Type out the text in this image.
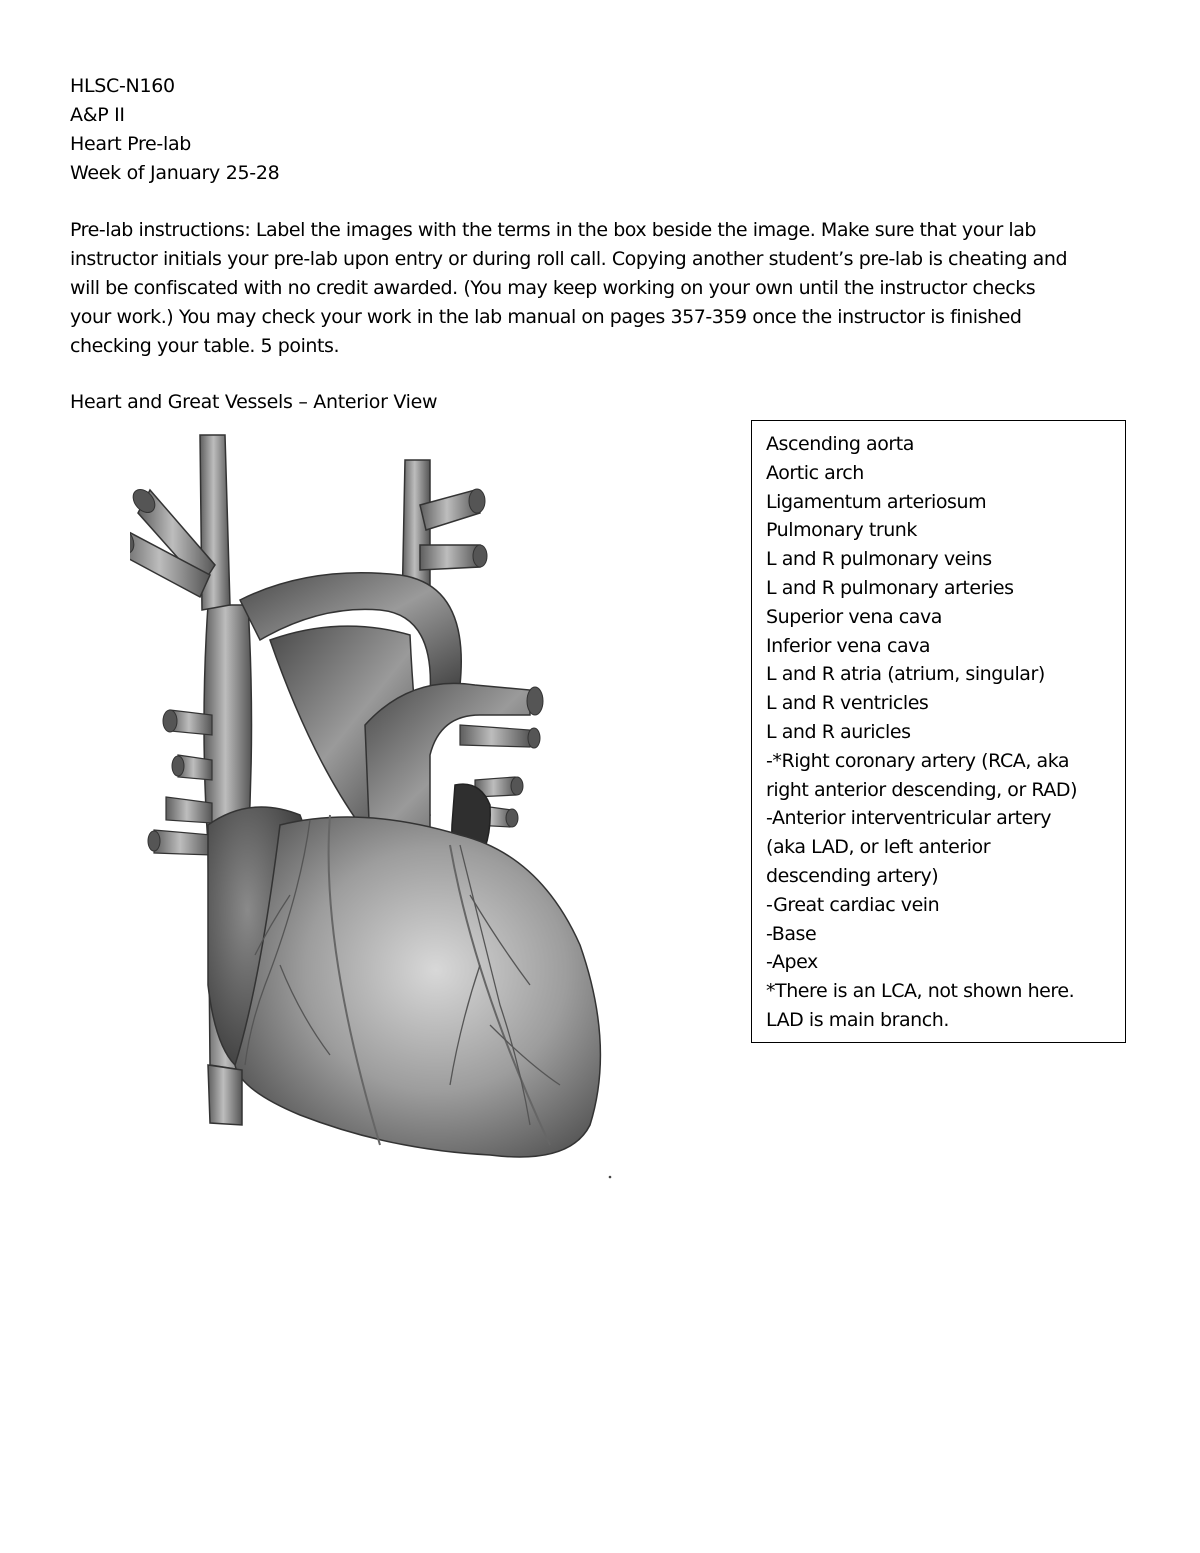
HLSC-N160
A&P II
Heart Pre-lab
Week of January 25-28
Pre-lab instructions: Label the images with the terms in the box beside the image. Make sure that your lab
instructor initials your pre-lab upon entry or during roll call. Copying another student’s pre-lab is cheating and
will be confiscated with no credit awarded. (You may keep working on your own until the instructor checks
your work.) You may check your work in the lab manual on pages 357-359 once the instructor is finished
checking your table. 5 points.
Heart and Great Vessels – Anterior View
Ascending aorta
Aortic arch
Ligamentum arteriosum
Pulmonary trunk
L and R pulmonary veins
L and R pulmonary arteries
Superior vena cava
Inferior vena cava
L and R atria (atrium, singular)
L and R ventricles
L and R auricles
-*Right coronary artery (RCA, aka
right anterior descending, or RAD)
-Anterior interventricular artery
(aka LAD, or left anterior
descending artery)
-Great cardiac vein
-Base
-Apex
*There is an LCA, not shown here.
LAD is main branch.
